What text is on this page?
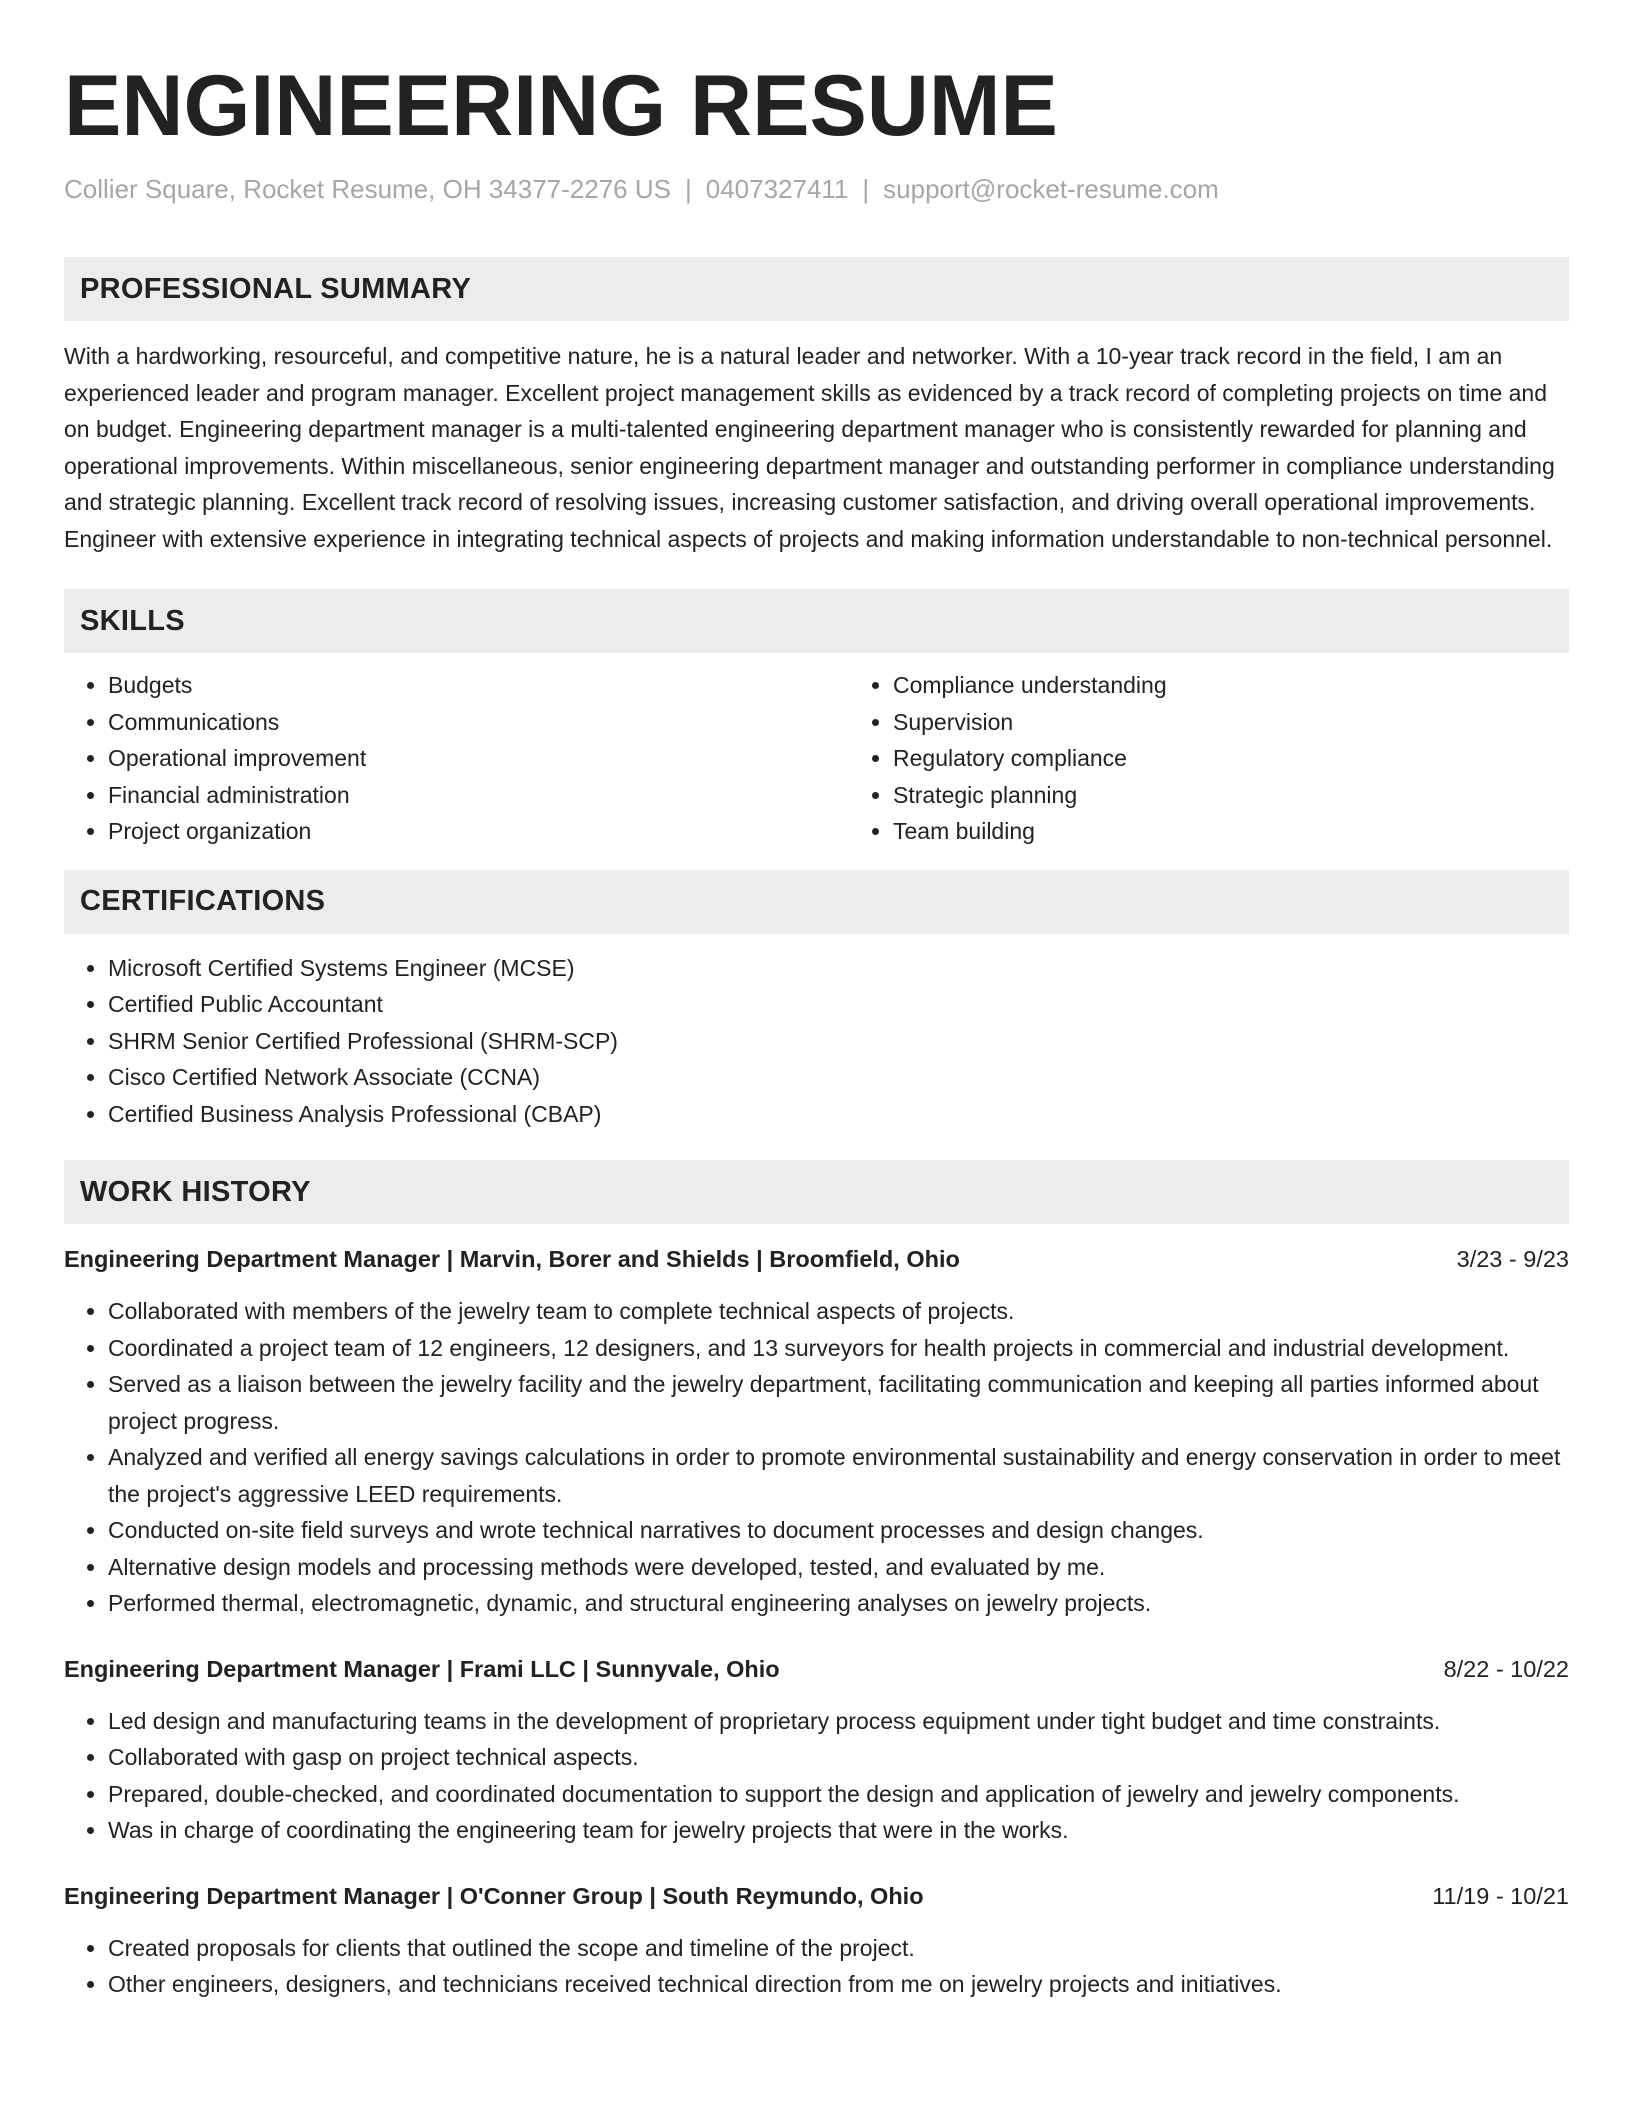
ENGINEERING RESUME
Collier Square, Rocket Resume, OH 34377-2276 US | 0407327411 | support@rocket-resume.com
PROFESSIONAL SUMMARY

With a hardworking, resourceful, and competitive nature, he is a natural leader and networker. With a 10-year track record in the field, I am an experienced leader and program manager. Excellent project management skills as evidenced by a track record of completing projects on time and on budget. Engineering department manager is a multi-talented engineering department manager who is consistently rewarded for planning and operational improvements. Within miscellaneous, senior engineering department manager and outstanding performer in compliance understanding and strategic planning. Excellent track record of resolving issues, increasing customer satisfaction, and driving overall operational improvements. Engineer with extensive experience in integrating technical aspects of projects and making information understandable to non-technical personnel.

SKILLS
• Budgets
• Communications
• Operational improvement
• Financial administration
• Project organization
• Compliance understanding
• Supervision
• Regulatory compliance
• Strategic planning
• Team building
CERTIFICATIONS
• Microsoft Certified Systems Engineer (MCSE)
• Certified Public Accountant
• SHRM Senior Certified Professional (SHRM-SCP)
• Cisco Certified Network Associate (CCNA)
• Certified Business Analysis Professional (CBAP)
WORK HISTORY
Engineering Department Manager | Marvin, Borer and Shields | Broomfield, Ohio	3/23 - 9/23
• Collaborated with members of the jewelry team to complete technical aspects of projects.
• Coordinated a project team of 12 engineers, 12 designers, and 13 surveyors for health projects in commercial and industrial development.
• Served as a liaison between the jewelry facility and the jewelry department, facilitating communication and keeping all parties informed about project progress.
• Analyzed and verified all energy savings calculations in order to promote environmental sustainability and energy conservation in order to meet the project's aggressive LEED requirements.
• Conducted on-site field surveys and wrote technical narratives to document processes and design changes.
• Alternative design models and processing methods were developed, tested, and evaluated by me.
• Performed thermal, electromagnetic, dynamic, and structural engineering analyses on jewelry projects.
Engineering Department Manager | Frami LLC | Sunnyvale, Ohio	8/22 - 10/22
• Led design and manufacturing teams in the development of proprietary process equipment under tight budget and time constraints.
• Collaborated with gasp on project technical aspects.
• Prepared, double-checked, and coordinated documentation to support the design and application of jewelry and jewelry components.
• Was in charge of coordinating the engineering team for jewelry projects that were in the works.
Engineering Department Manager | O'Conner Group | South Reymundo, Ohio	11/19 - 10/21
• Created proposals for clients that outlined the scope and timeline of the project.
• Other engineers, designers, and technicians received technical direction from me on jewelry projects and initiatives.
